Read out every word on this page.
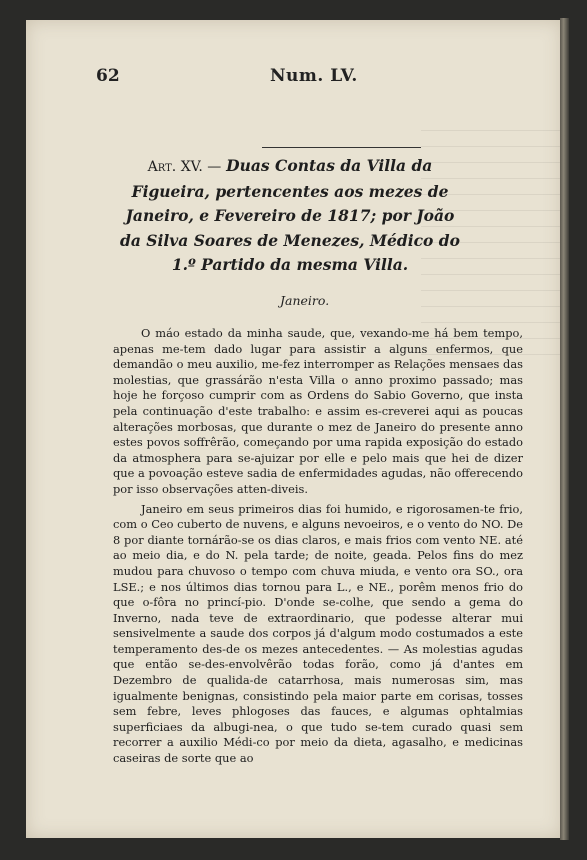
62	Num. LV.
Art. XV. — Duas Contas da Villa da Figueira, pertencentes aos mezes de Janeiro, e Fevereiro de 1817; por João da Silva Soares de Menezes, Médico do 1.º Partido da mesma Villa.
Janeiro.

O máo estado da minha saude, que, vexando-me há bem tempo, apenas me-tem dado lugar para assistir a alguns enfermos, que demandão o meu auxilio, me-fez interromper as Relações mensaes das molestias, que grassárão n'esta Villa o anno proximo passado; mas hoje he forçoso cumprir com as Ordens do Sabio Governo, que insta pela continuação d'este trabalho: e assim es-creverei aqui as poucas alterações morbosas, que durante o mez de Janeiro do presente anno estes povos soffrêrão, começando por uma rapida exposição do estado da atmosphera para se-ajuizar por elle e pelo mais que hei de dizer que a povoação esteve sadia de enfermidades agudas, não offerecendo por isso observações atten-diveis.

Janeiro em seus primeiros dias foi humido, e rigorosamen-te frio, com o Ceo cuberto de nuvens, e alguns nevoeiros, e o vento do NO. De 8 por diante tornárão-se os dias claros, e mais frios com vento NE. até ao meio dia, e do N. pela tarde; de noite, geada. Pelos fins do mez mudou para chuvoso o tempo com chuva miuda, e vento ora SO., ora LSE.; e nos últimos dias tornou para L., e NE., porêm menos frio do que o-fôra no princí-pio. D'onde se-colhe, que sendo a gema do Inverno, nada teve de extraordinario, que podesse alterar mui sensivelmente a saude dos corpos já d'algum modo costumados a este temperamento des-de os mezes antecedentes. — As molestias agudas que então se-des-envolvêrão todas forão, como já d'antes em Dezembro de qualida-de catarrhosa, mais numerosas sim, mas igualmente benignas, consistindo pela maior parte em corisas, tosses sem febre, leves phlogoses das fauces, e algumas ophtalmias superficiaes da albugi-nea, o que tudo se-tem curado quasi sem recorrer a auxilio Médi-co por meio da dieta, agasalho, e medicinas caseiras de sorte que ao
